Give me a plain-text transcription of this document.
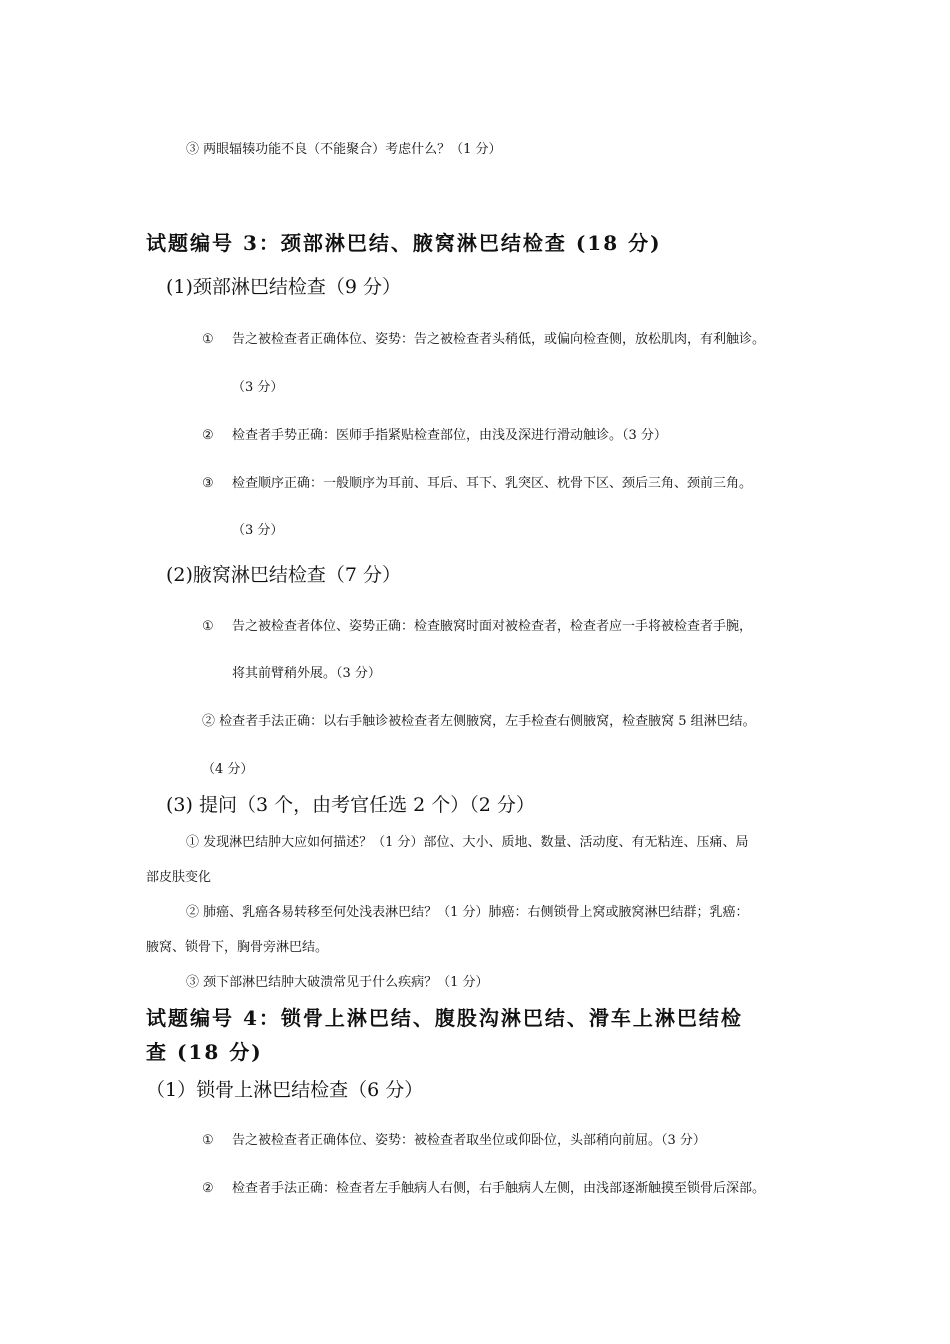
③ 两眼辐辏功能不良（不能聚合）考虑什么？（1 分）
试题编号 3：颈部淋巴结、腋窝淋巴结检查 (18 分)
(1)颈部淋巴结检查（9 分）
① 告之被检查者正确体位、姿势：告之被检查者头稍低，或偏向检查侧，放松肌肉，有利触诊。
（3 分）
② 检查者手势正确：医师手指紧贴检查部位，由浅及深进行滑动触诊。（3 分）
③ 检查顺序正确：一般顺序为耳前、耳后、耳下、乳突区、枕骨下区、颈后三角、颈前三角。
（3 分）
(2)腋窝淋巴结检查（7 分）
① 告之被检查者体位、姿势正确：检查腋窝时面对被检查者，检查者应一手将被检查者手腕，
将其前臂稍外展。（3 分）
② 检查者手法正确：以右手触诊被检查者左侧腋窝，左手检查右侧腋窝，检查腋窝 5 组淋巴结。
（4 分）
(3) 提问（3 个，由考官任选 2 个）（2 分）
① 发现淋巴结肿大应如何描述？（1 分）部位、大小、质地、数量、活动度、有无粘连、压痛、局
部皮肤变化
② 肺癌、乳癌各易转移至何处浅表淋巴结？（1 分）肺癌：右侧锁骨上窝或腋窝淋巴结群；乳癌：
腋窝、锁骨下，胸骨旁淋巴结。
③ 颈下部淋巴结肿大破溃常见于什么疾病？（1 分）
试题编号 4：锁骨上淋巴结、腹股沟淋巴结、滑车上淋巴结检
查 (18 分)
（1）锁骨上淋巴结检查（6 分）
① 告之被检查者正确体位、姿势：被检查者取坐位或仰卧位，头部稍向前屈。（3 分）
② 检查者手法正确：检查者左手触病人右侧，右手触病人左侧，由浅部逐渐触摸至锁骨后深部。
